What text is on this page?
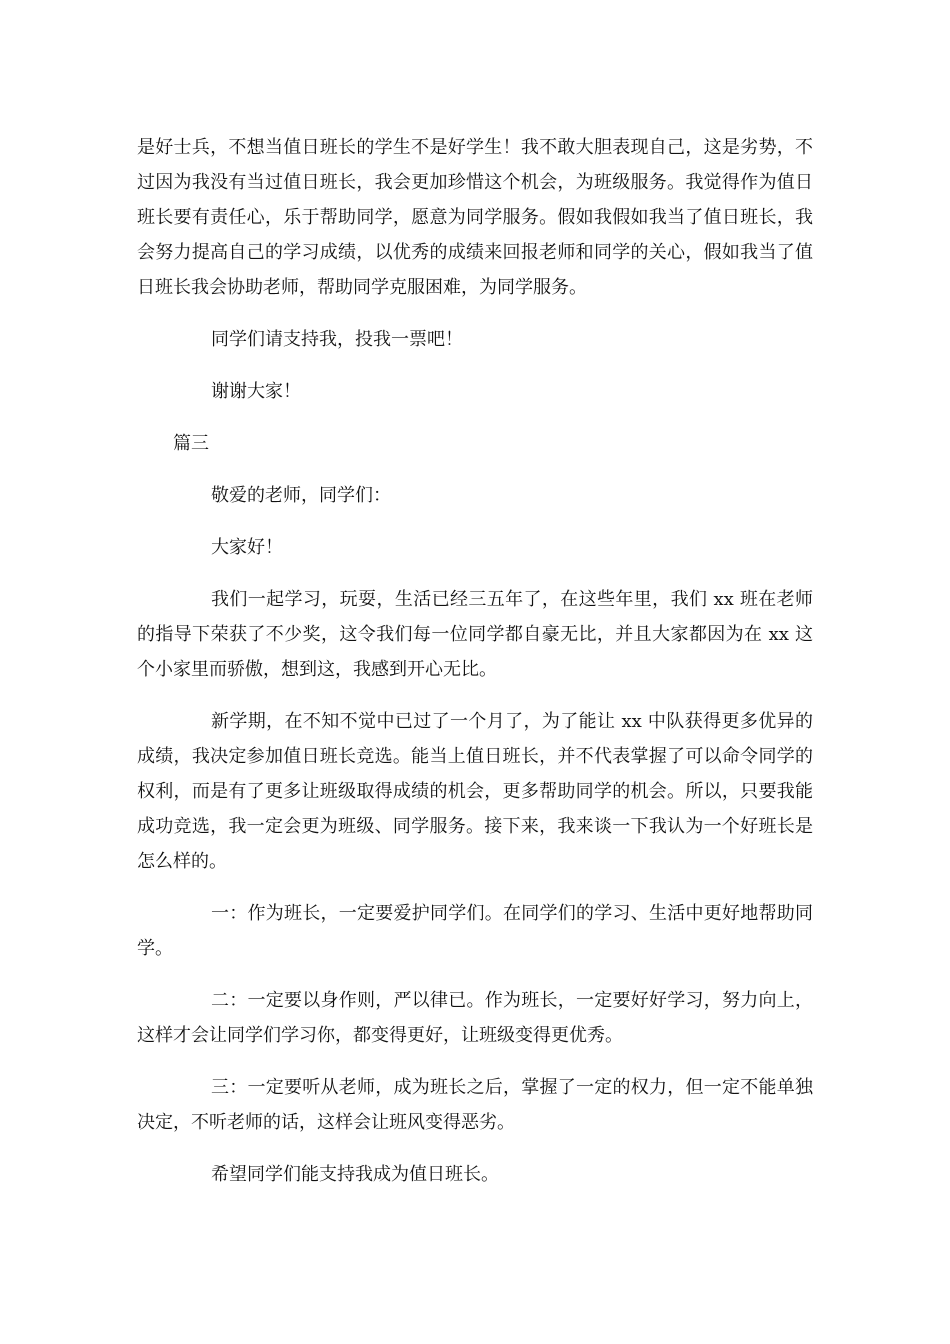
是好士兵，不想当值日班长的学生不是好学生！我不敢大胆表现自己，这是劣势，不过因为我没有当过值日班长，我会更加珍惜这个机会，为班级服务。我觉得作为值日班长要有责任心，乐于帮助同学，愿意为同学服务。假如我假如我当了值日班长，我会努力提高自己的学习成绩，以优秀的成绩来回报老师和同学的关心，假如我当了值日班长我会协助老师，帮助同学克服困难，为同学服务。

同学们请支持我，投我一票吧！

谢谢大家！

篇三

敬爱的老师，同学们：

大家好！

我们一起学习，玩耍，生活已经三五年了，在这些年里，我们 xx 班在老师的指导下荣获了不少奖，这令我们每一位同学都自豪无比，并且大家都因为在 xx 这个小家里而骄傲，想到这，我感到开心无比。

新学期，在不知不觉中已过了一个月了，为了能让 xx 中队获得更多优异的成绩，我决定参加值日班长竞选。能当上值日班长，并不代表掌握了可以命令同学的权利，而是有了更多让班级取得成绩的机会，更多帮助同学的机会。所以，只要我能成功竞选，我一定会更为班级、同学服务。接下来，我来谈一下我认为一个好班长是怎么样的。

一：作为班长，一定要爱护同学们。在同学们的学习、生活中更好地帮助同学。

二：一定要以身作则，严以律已。作为班长，一定要好好学习，努力向上，这样才会让同学们学习你，都变得更好，让班级变得更优秀。

三：一定要听从老师，成为班长之后，掌握了一定的权力，但一定不能单独决定，不听老师的话，这样会让班风变得恶劣。

希望同学们能支持我成为值日班长。
